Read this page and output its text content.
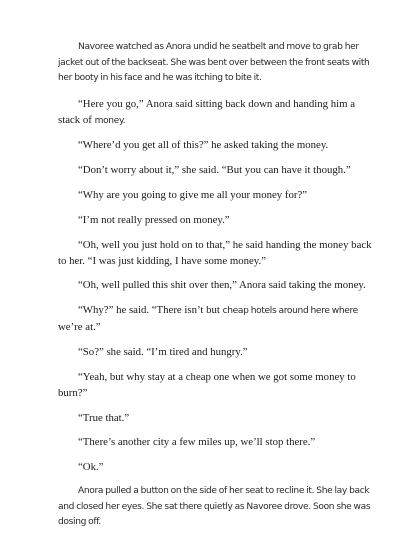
Navoree watched as Anora undid he seatbelt and move to grab her jacket out of the backseat. She was bent over between the front seats with her booty in his face and he was itching to bite it.

“Here you go,” Anora said sitting back down and handing him a stack of money.

“Where’d you get all of this?” he asked taking the money.

“Don’t worry about it,” she said. “But you can have it though.”

“Why are you going to give me all your money for?”

“I’m not really pressed on money.”

“Oh, well you just hold on to that,” he said handing the money back to her. “I was just kidding, I have some money.”

“Oh, well pulled this shit over then,” Anora said taking the money.

“Why?” he said. “There isn’t but cheap hotels around here where we’re at.”

“So?” she said. “I’m tired and hungry.”

“Yeah, but why stay at a cheap one when we got some money to burn?”

“True that.”

“There’s another city a few miles up, we’ll stop there.”

“Ok.”

Anora pulled a button on the side of her seat to recline it. She lay back and closed her eyes. She sat there quietly as Navoree drove. Soon she was dosing off.
